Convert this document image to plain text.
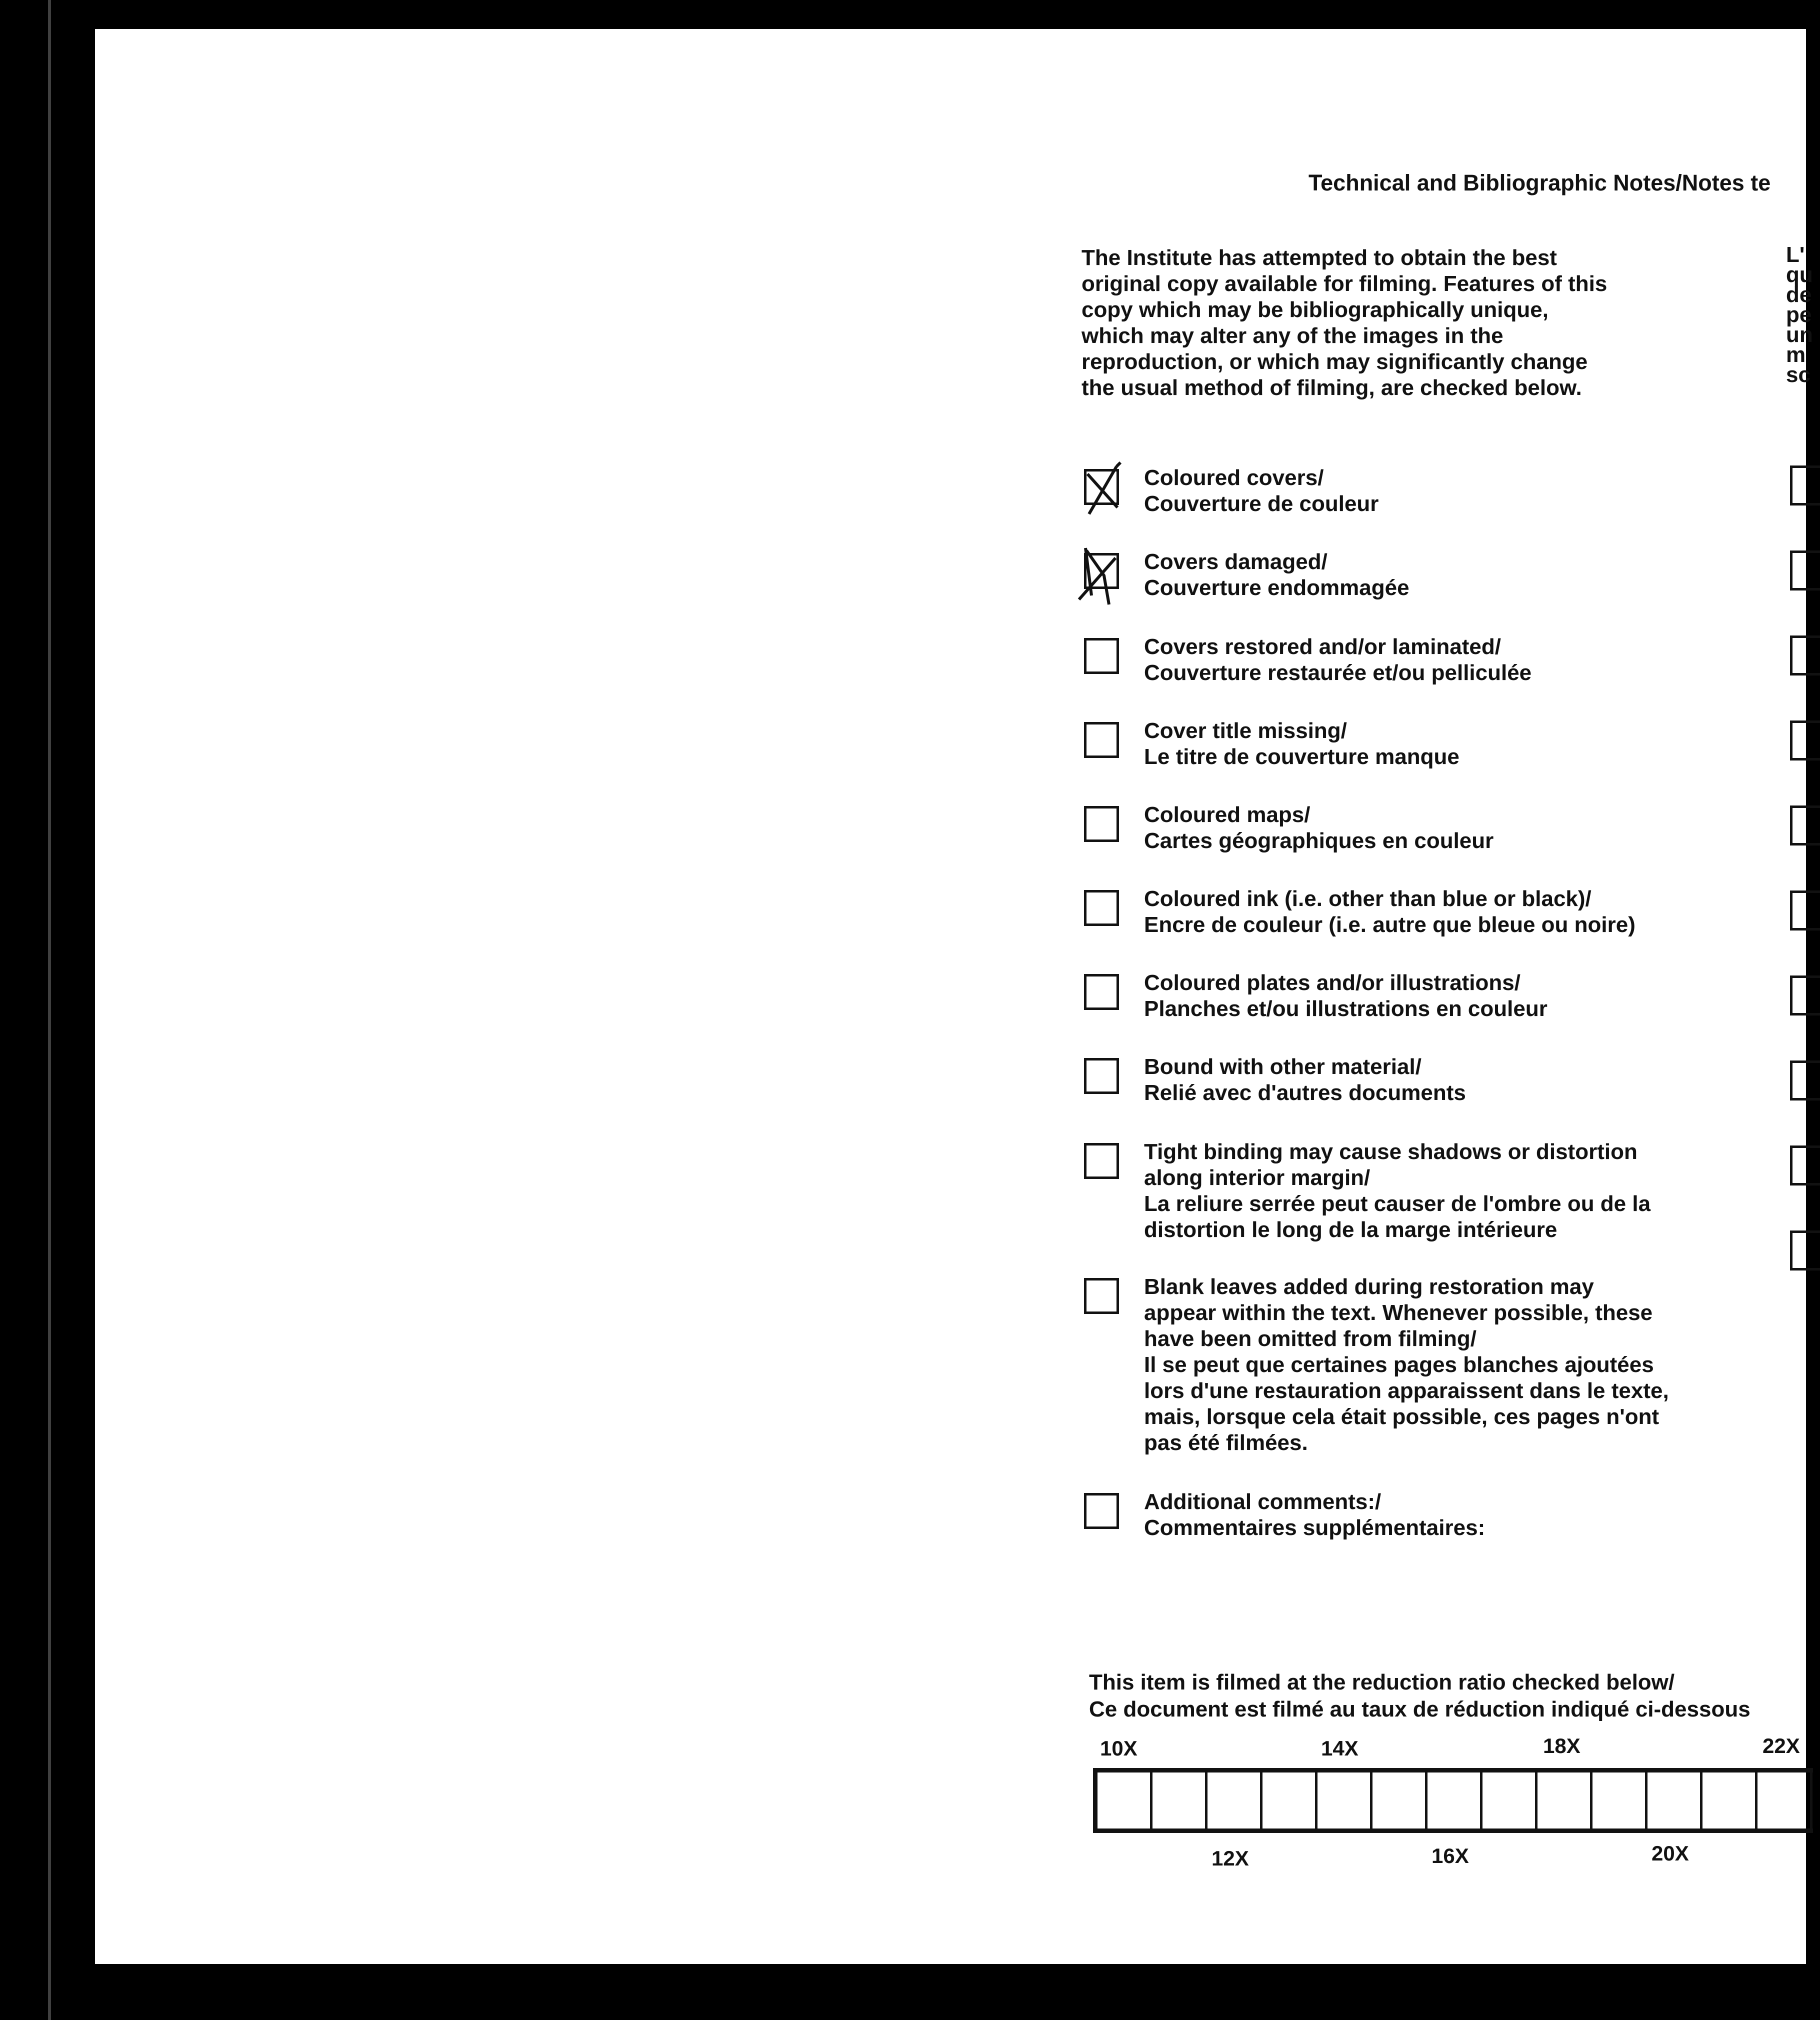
Technical and Bibliographic Notes/Notes te
The Institute has attempted to obtain the best
original copy available for filming. Features of this
copy which may be bibliographically unique,
which may alter any of the images in the
reproduction, or which may significantly change
the usual method of filming, are checked below.
L'
qu
de
pe
un
m
sc
Coloured covers/
Couverture de couleur
Covers damaged/
Couverture endommagée
Covers restored and/or laminated/
Couverture restaurée et/ou pelliculée
Cover title missing/
Le titre de couverture manque
Coloured maps/
Cartes géographiques en couleur
Coloured ink (i.e. other than blue or black)/
Encre de couleur (i.e. autre que bleue ou noire)
Coloured plates and/or illustrations/
Planches et/ou illustrations en couleur
Bound with other material/
Relié avec d'autres documents
Tight binding may cause shadows or distortion
along interior margin/
La reliure serrée peut causer de l'ombre ou de la
distortion le long de la marge intérieure
Blank leaves added during restoration may
appear within the text. Whenever possible, these
have been omitted from filming/
Il se peut que certaines pages blanches ajoutées
lors d'une restauration apparaissent dans le texte,
mais, lorsque cela était possible, ces pages n'ont
pas été filmées.
Additional comments:/
Commentaires supplémentaires:
This item is filmed at the reduction ratio checked below/
Ce document est filmé au taux de réduction indiqué ci-dessous
10X	14X	18X	22X
12X	16X	20X
